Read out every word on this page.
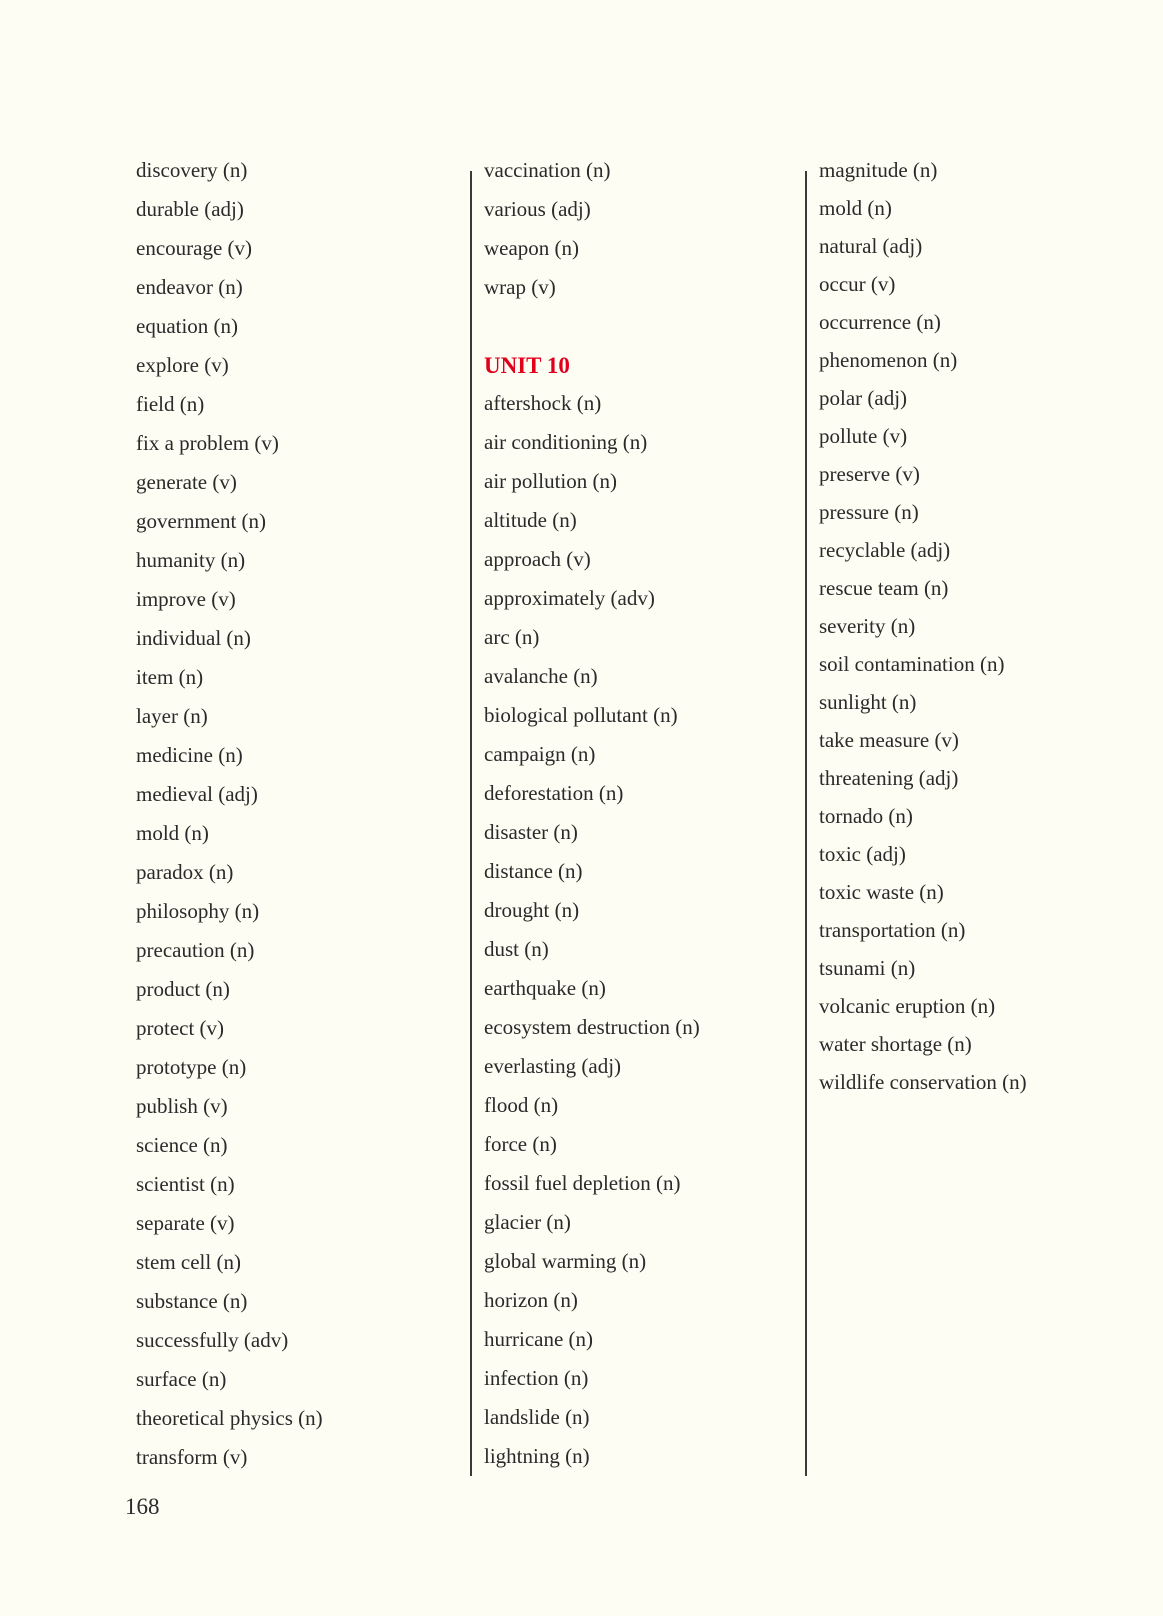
discovery (n)
durable (adj)
encourage (v)
endeavor (n)
equation (n)
explore (v)
field (n)
fix a problem (v)
generate (v)
government (n)
humanity (n)
improve (v)
individual (n)
item (n)
layer (n)
medicine (n)
medieval (adj)
mold (n)
paradox (n)
philosophy (n)
precaution (n)
product (n)
protect (v)
prototype (n)
publish (v)
science (n)
scientist (n)
separate (v)
stem cell (n)
substance (n)
successfully (adv)
surface (n)
theoretical physics (n)
transform (v)
vaccination (n)
various (adj)
weapon (n)
wrap (v)
UNIT 10
aftershock (n)
air conditioning (n)
air pollution (n)
altitude (n)
approach (v)
approximately (adv)
arc (n)
avalanche (n)
biological pollutant (n)
campaign (n)
deforestation (n)
disaster (n)
distance (n)
drought (n)
dust (n)
earthquake (n)
ecosystem destruction (n)
everlasting (adj)
flood (n)
force (n)
fossil fuel depletion (n)
glacier (n)
global warming (n)
horizon (n)
hurricane (n)
infection (n)
landslide (n)
lightning (n)
magnitude (n)
mold (n)
natural (adj)
occur (v)
occurrence (n)
phenomenon (n)
polar (adj)
pollute (v)
preserve (v)
pressure (n)
recyclable (adj)
rescue team (n)
severity (n)
soil contamination (n)
sunlight (n)
take measure (v)
threatening (adj)
tornado (n)
toxic (adj)
toxic waste (n)
transportation (n)
tsunami (n)
volcanic eruption (n)
water shortage (n)
wildlife conservation (n)
168
